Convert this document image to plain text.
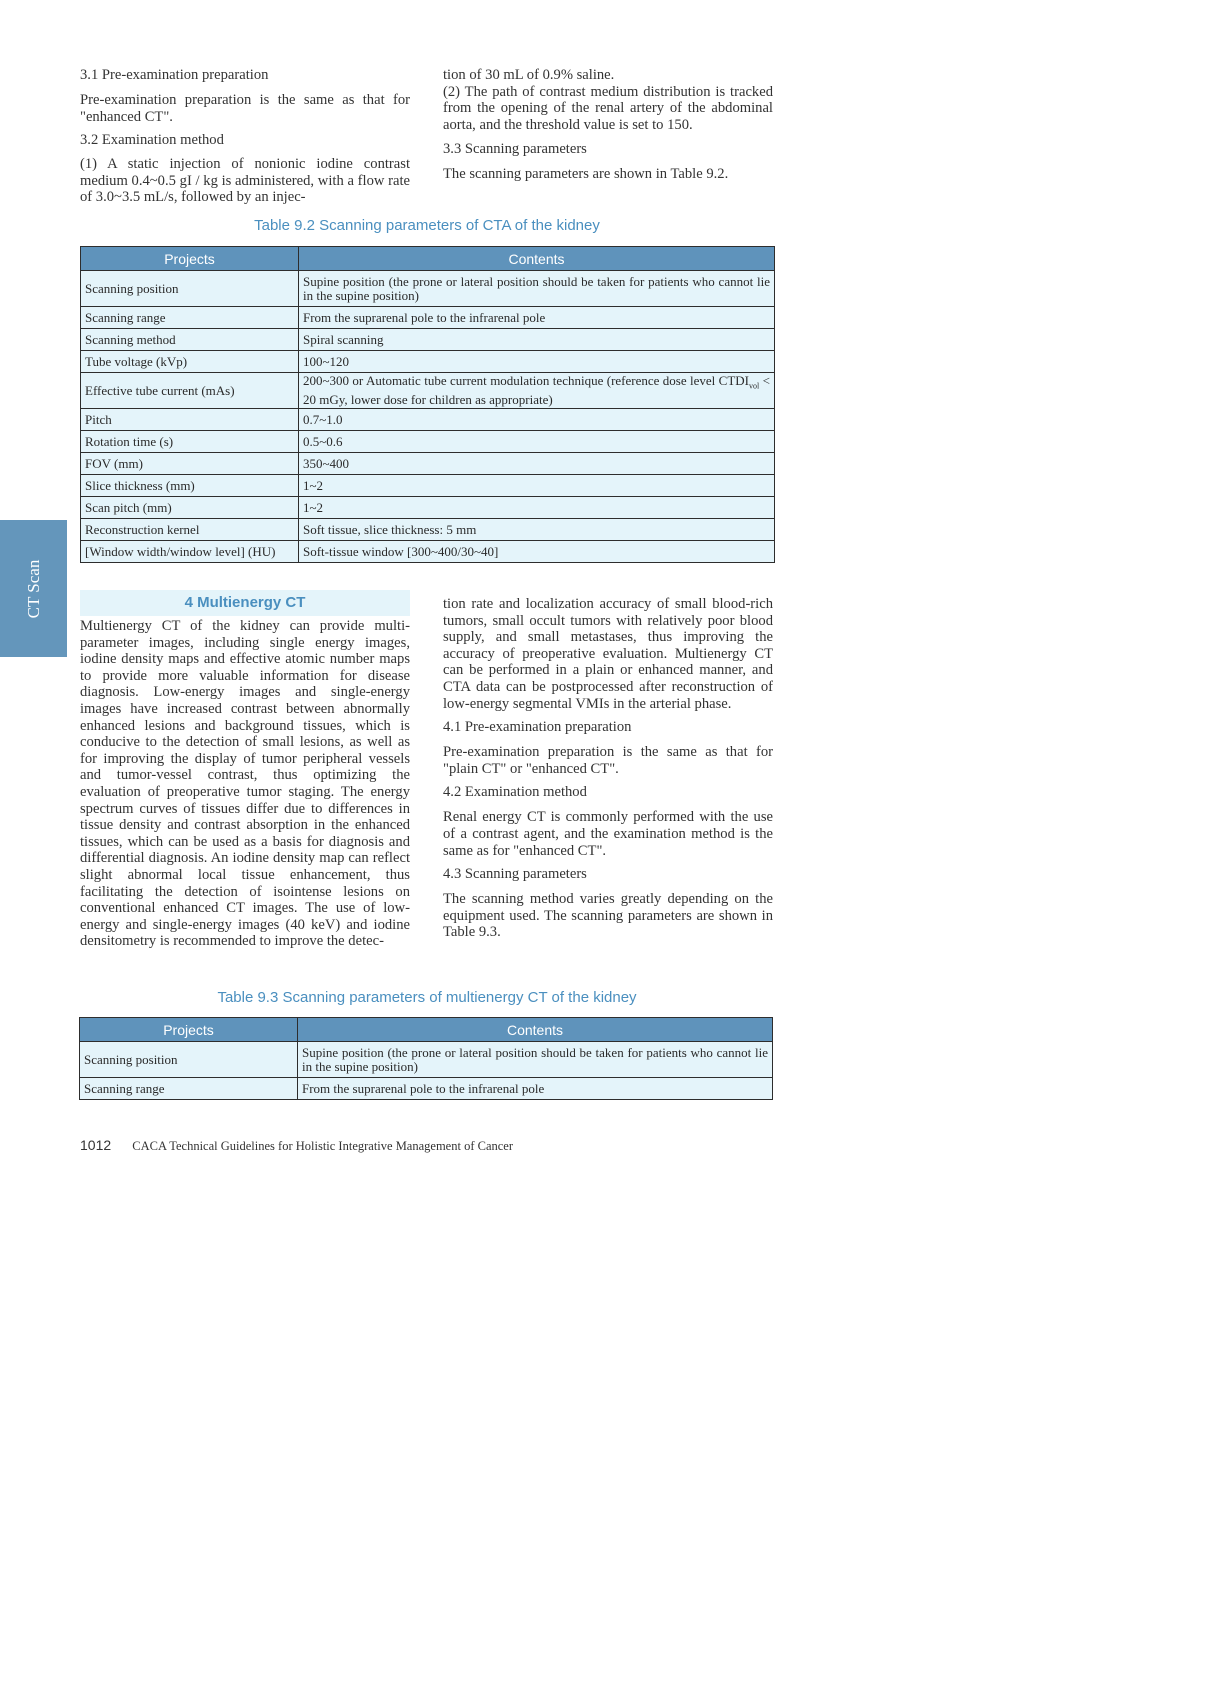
CT Scan
3.1 Pre-examination preparation
Pre-examination preparation is the same as that for "enhanced CT".
3.2 Examination method
(1) A static injection of nonionic iodine contrast medium 0.4~0.5 gI / kg is administered, with a flow rate of 3.0~3.5 mL/s, followed by an injec-
tion of 30 mL of 0.9% saline.
(2) The path of contrast medium distribution is tracked from the opening of the renal artery of the abdominal aorta, and the threshold value is set to 150.
3.3 Scanning parameters
The scanning parameters are shown in Table 9.2.
Table 9.2 Scanning parameters of CTA of the kidney
Projects	Contents
Scanning position	Supine position (the prone or lateral position should be taken for patients who cannot lie in the supine position)
Scanning range	From the suprarenal pole to the infrarenal pole
Scanning method	Spiral scanning
Tube voltage (kVp)	100~120
Effective tube current (mAs)	200~300 or Automatic tube current modulation technique (reference dose level $CTDI_{vol} < 20$ mGy, lower dose for children as appropriate)
Pitch	0.7~1.0
Rotation time (s)	0.5~0.6
FOV (mm)	350~400
Slice thickness (mm)	1~2
Scan pitch (mm)	1~2
Reconstruction kernel	Soft tissue, slice thickness: 5 mm
[Window width/window level] (HU)	Soft-tissue window [300~400/30~40]
4 Multienergy CT
Multienergy CT of the kidney can provide multi-parameter images, including single energy images, iodine density maps and effective atomic number maps to provide more valuable information for disease diagnosis. Low-energy images and single-energy images have increased contrast between abnormally enhanced lesions and background tissues, which is conducive to the detection of small lesions, as well as for improving the display of tumor peripheral vessels and tumor-vessel contrast, thus optimizing the evaluation of preoperative tumor staging. The energy spectrum curves of tissues differ due to differences in tissue density and contrast absorption in the enhanced tissues, which can be used as a basis for diagnosis and differential diagnosis. An iodine density map can reflect slight abnormal local tissue enhancement, thus facilitating the detection of isointense lesions on conventional enhanced CT images. The use of low-energy and single-energy images (40 keV) and iodine densitometry is recommended to improve the detec-
tion rate and localization accuracy of small blood-rich tumors, small occult tumors with relatively poor blood supply, and small metastases, thus improving the accuracy of preoperative evaluation. Multienergy CT can be performed in a plain or enhanced manner, and CTA data can be postprocessed after reconstruction of low-energy segmental VMIs in the arterial phase.
4.1 Pre-examination preparation
Pre-examination preparation is the same as that for "plain CT" or "enhanced CT".
4.2 Examination method
Renal energy CT is commonly performed with the use of a contrast agent, and the examination method is the same as for "enhanced CT".
4.3 Scanning parameters
The scanning method varies greatly depending on the equipment used. The scanning parameters are shown in Table 9.3.
Table 9.3 Scanning parameters of multienergy CT of the kidney
Projects	Contents
Scanning position	Supine position (the prone or lateral position should be taken for patients who cannot lie in the supine position)
Scanning range	From the suprarenal pole to the infrarenal pole
1012 CACA Technical Guidelines for Holistic Integrative Management of Cancer
